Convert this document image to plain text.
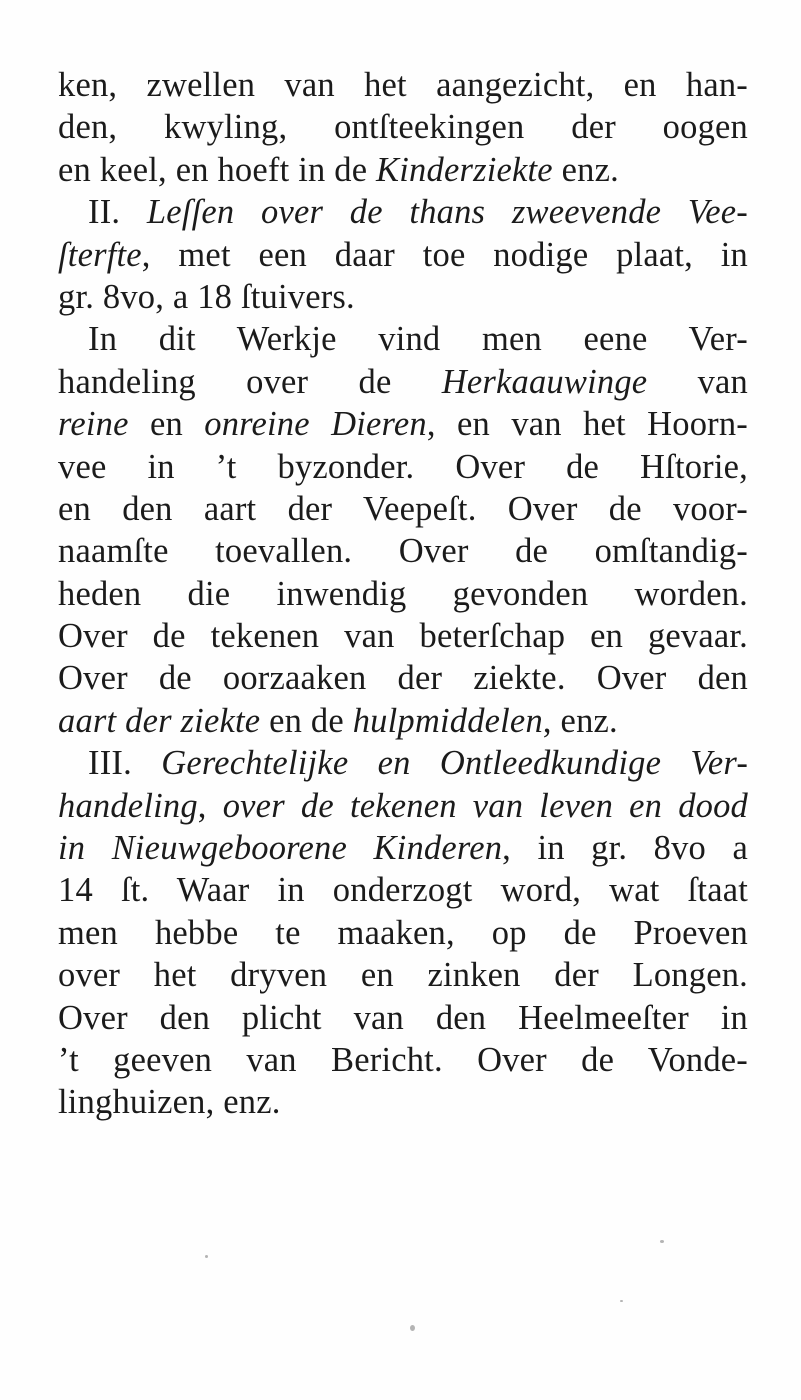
ken, zwellen van het aangezicht, en han-
den, kwyling, ontſteekingen der oogen
en keel, en hoeft in de Kinderziekte enz.
II. Leſſen over de thans zweevende Vee-
ſterfte, met een daar toe nodige plaat, in
gr. 8vo, a 18 ſtuivers.
In dit Werkje vind men eene Ver-
handeling over de Herkaauwinge van
reine en onreine Dieren, en van het Hoorn-
vee in ’t byzonder. Over de Hſtorie,
en den aart der Veepeſt. Over de voor-
naamſte toevallen. Over de omſtandig-
heden die inwendig gevonden worden.
Over de tekenen van beterſchap en gevaar.
Over de oorzaaken der ziekte. Over den
aart der ziekte en de hulpmiddelen, enz.
III. Gerechtelijke en Ontleedkundige Ver-
handeling, over de tekenen van leven en dood
in Nieuwgeboorene Kinderen, in gr. 8vo a
14 ſt. Waar in onderzogt word, wat ſtaat
men hebbe te maaken, op de Proeven
over het dryven en zinken der Longen.
Over den plicht van den Heelmeeſter in
’t geeven van Bericht. Over de Vonde-
linghuizen, enz.
